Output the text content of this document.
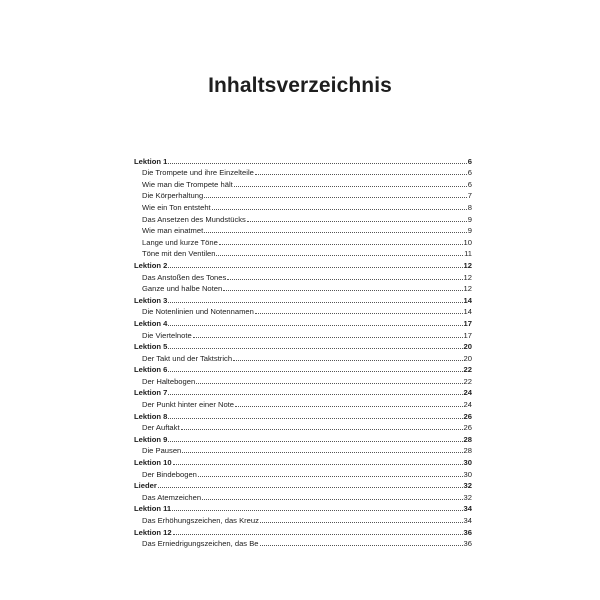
Inhaltsverzeichnis
Lektion 1	6
Die Trompete und ihre Einzelteile	6
Wie man die Trompete hält	6
Die Körperhaltung	7
Wie ein Ton entsteht	8
Das Ansetzen des Mundstücks	9
Wie man einatmet	9
Lange und kurze Töne	10
Töne mit den Ventilen	11
Lektion 2	12
Das Anstoßen des Tones	12
Ganze und halbe Noten	12
Lektion 3	14
Die Notenlinien und Notennamen	14
Lektion 4	17
Die Viertelnote	17
Lektion 5	20
Der Takt und der Taktstrich	20
Lektion 6	22
Der Haltebogen	22
Lektion 7	24
Der Punkt hinter einer Note	24
Lektion 8	26
Der Auftakt	26
Lektion 9	28
Die Pausen	28
Lektion 10	30
Der Bindebogen	30
Lieder	32
Das Atemzeichen	32
Lektion 11	34
Das Erhöhungszeichen, das Kreuz	34
Lektion 12	36
Das Erniedrigungszeichen, das Be	36
